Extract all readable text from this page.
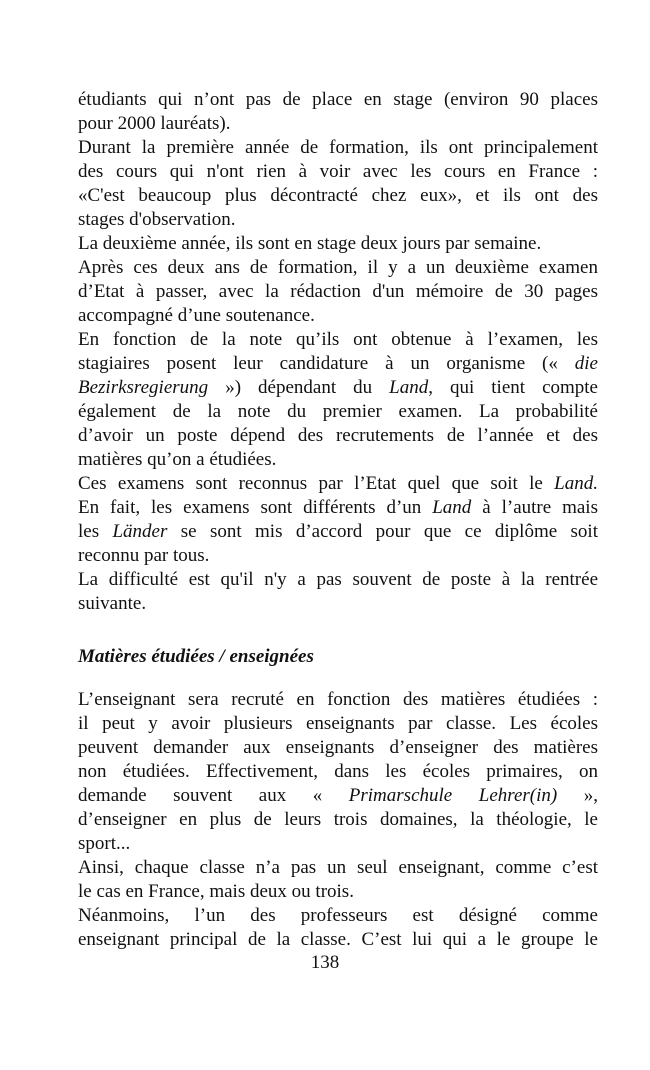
Matières étudiées / enseignées
138
étudiants qui n’ont pas de place en stage (environ 90 places
pour 2000 lauréats).
Durant la première année de formation, ils ont principalement
des cours qui n'ont rien à voir avec les cours en France :
«C'est beaucoup plus décontracté chez eux», et ils ont des
stages d'observation.
La deuxième année, ils sont en stage deux jours par semaine.
Après ces deux ans de formation, il y a un deuxième examen
d’Etat à passer, avec la rédaction d'un mémoire de 30 pages
accompagné d’une soutenance.
En fonction de la note qu’ils ont obtenue à l’examen, les
stagiaires posent leur candidature à un organisme (« die
Bezirksregierung ») dépendant du Land, qui tient compte
également de la note du premier examen. La probabilité
d’avoir un poste dépend des recrutements de l’année et des
matières qu’on a étudiées.
Ces examens sont reconnus par l’Etat quel que soit le Land.
En fait, les examens sont différents d’un Land à l’autre mais
les Länder se sont mis d’accord pour que ce diplôme soit
reconnu par tous.
La difficulté est qu'il n'y a pas souvent de poste à la rentrée
suivante.
L’enseignant sera recruté en fonction des matières étudiées :
il peut y avoir plusieurs enseignants par classe. Les écoles
peuvent demander aux enseignants d’enseigner des matières
non étudiées. Effectivement, dans les écoles primaires, on
demande souvent aux « Primarschule Lehrer(in) »,
d’enseigner en plus de leurs trois domaines, la théologie, le
sport...
Ainsi, chaque classe n’a pas un seul enseignant, comme c’est
le cas en France, mais deux ou trois.
Néanmoins, l’un des professeurs est désigné comme
enseignant principal de la classe. C’est lui qui a le groupe le
